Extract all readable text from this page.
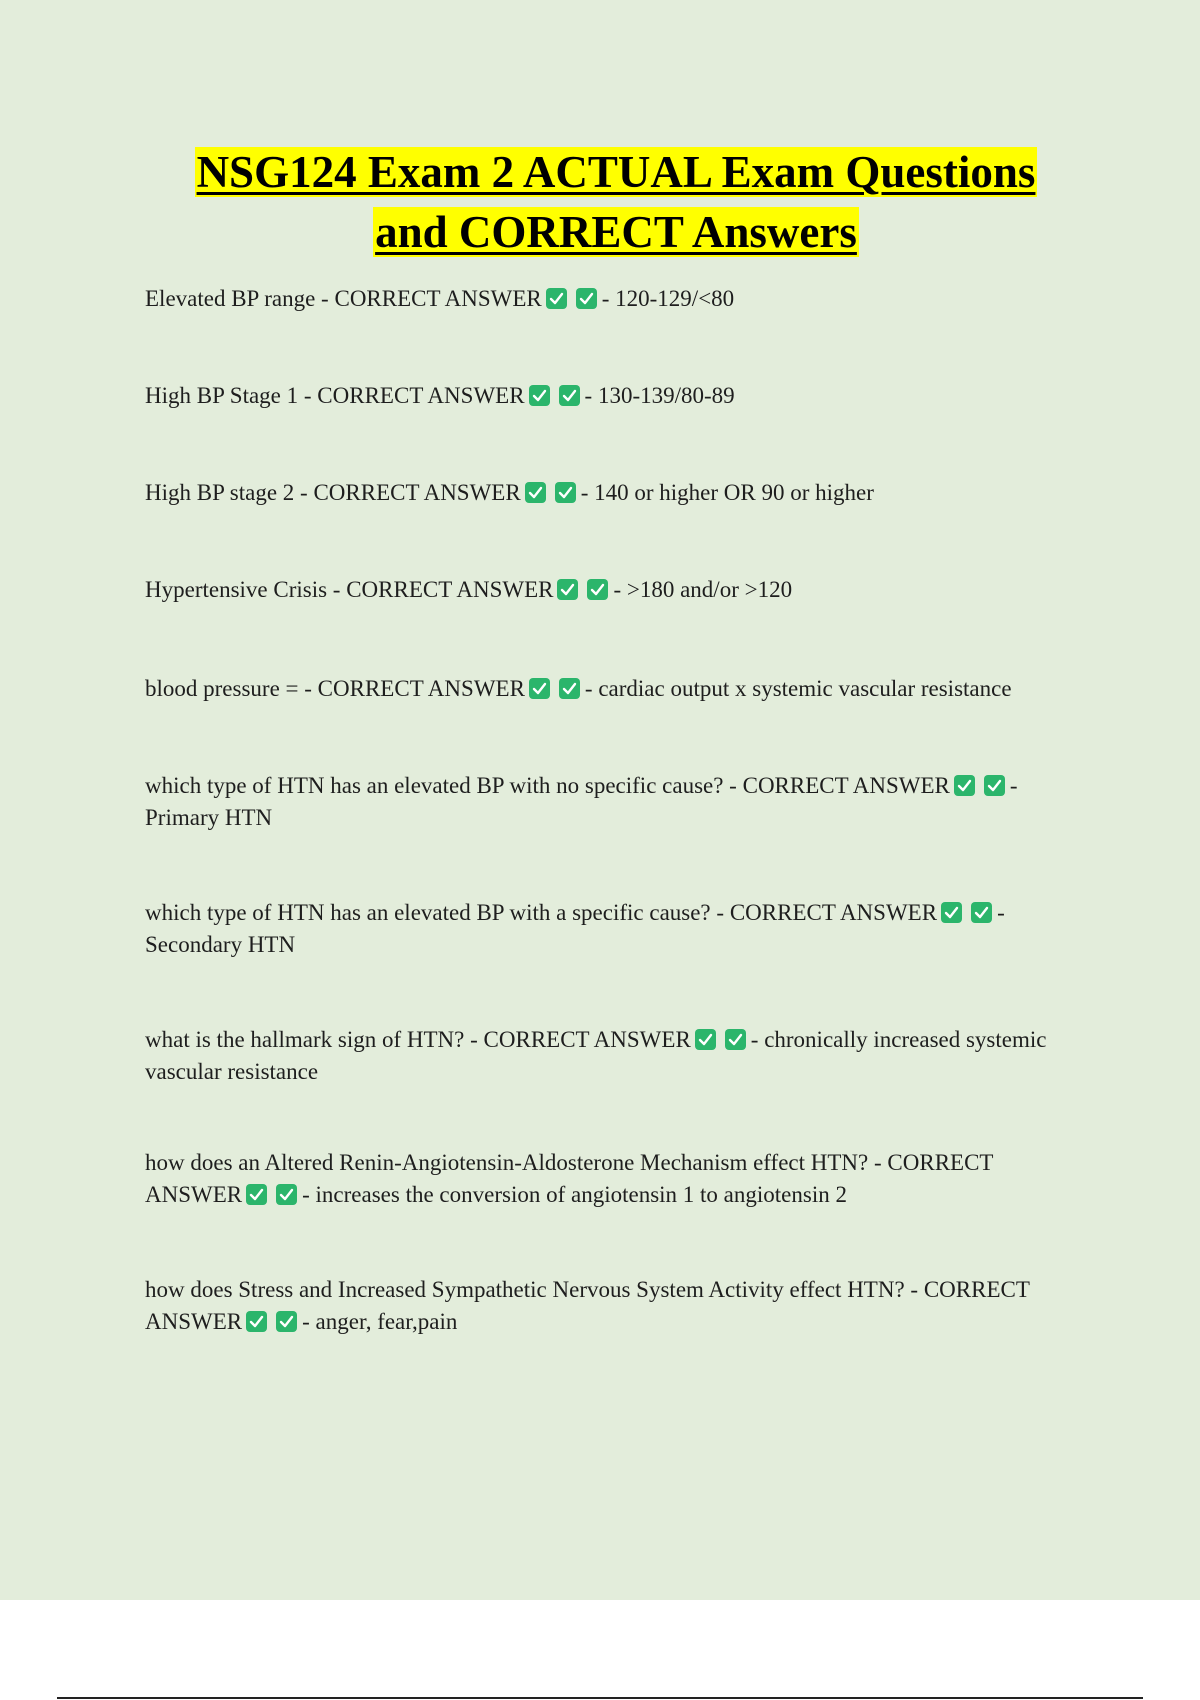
NSG124 Exam 2 ACTUAL Exam Questions
and CORRECT Answers

Elevated BP range - CORRECT ANSWER	- 120-129/<80

High BP Stage 1 - CORRECT ANSWER	- 130-139/80-89

High BP stage 2 - CORRECT ANSWER	- 140 or higher OR 90 or higher

Hypertensive Crisis - CORRECT ANSWER	- >180 and/or >120

blood pressure = - CORRECT ANSWER	- cardiac output x systemic vascular resistance

which type of HTN has an elevated BP with no specific cause? - CORRECT ANSWER	- Primary HTN

which type of HTN has an elevated BP with a specific cause? - CORRECT ANSWER	- Secondary HTN

what is the hallmark sign of HTN? - CORRECT ANSWER	- chronically increased systemic vascular resistance

how does an Altered Renin-Angiotensin-Aldosterone Mechanism effect HTN? - CORRECT ANSWER	- increases the conversion of angiotensin 1 to angiotensin 2

how does Stress and Increased Sympathetic Nervous System Activity effect HTN? - CORRECT ANSWER	- anger, fear,pain
